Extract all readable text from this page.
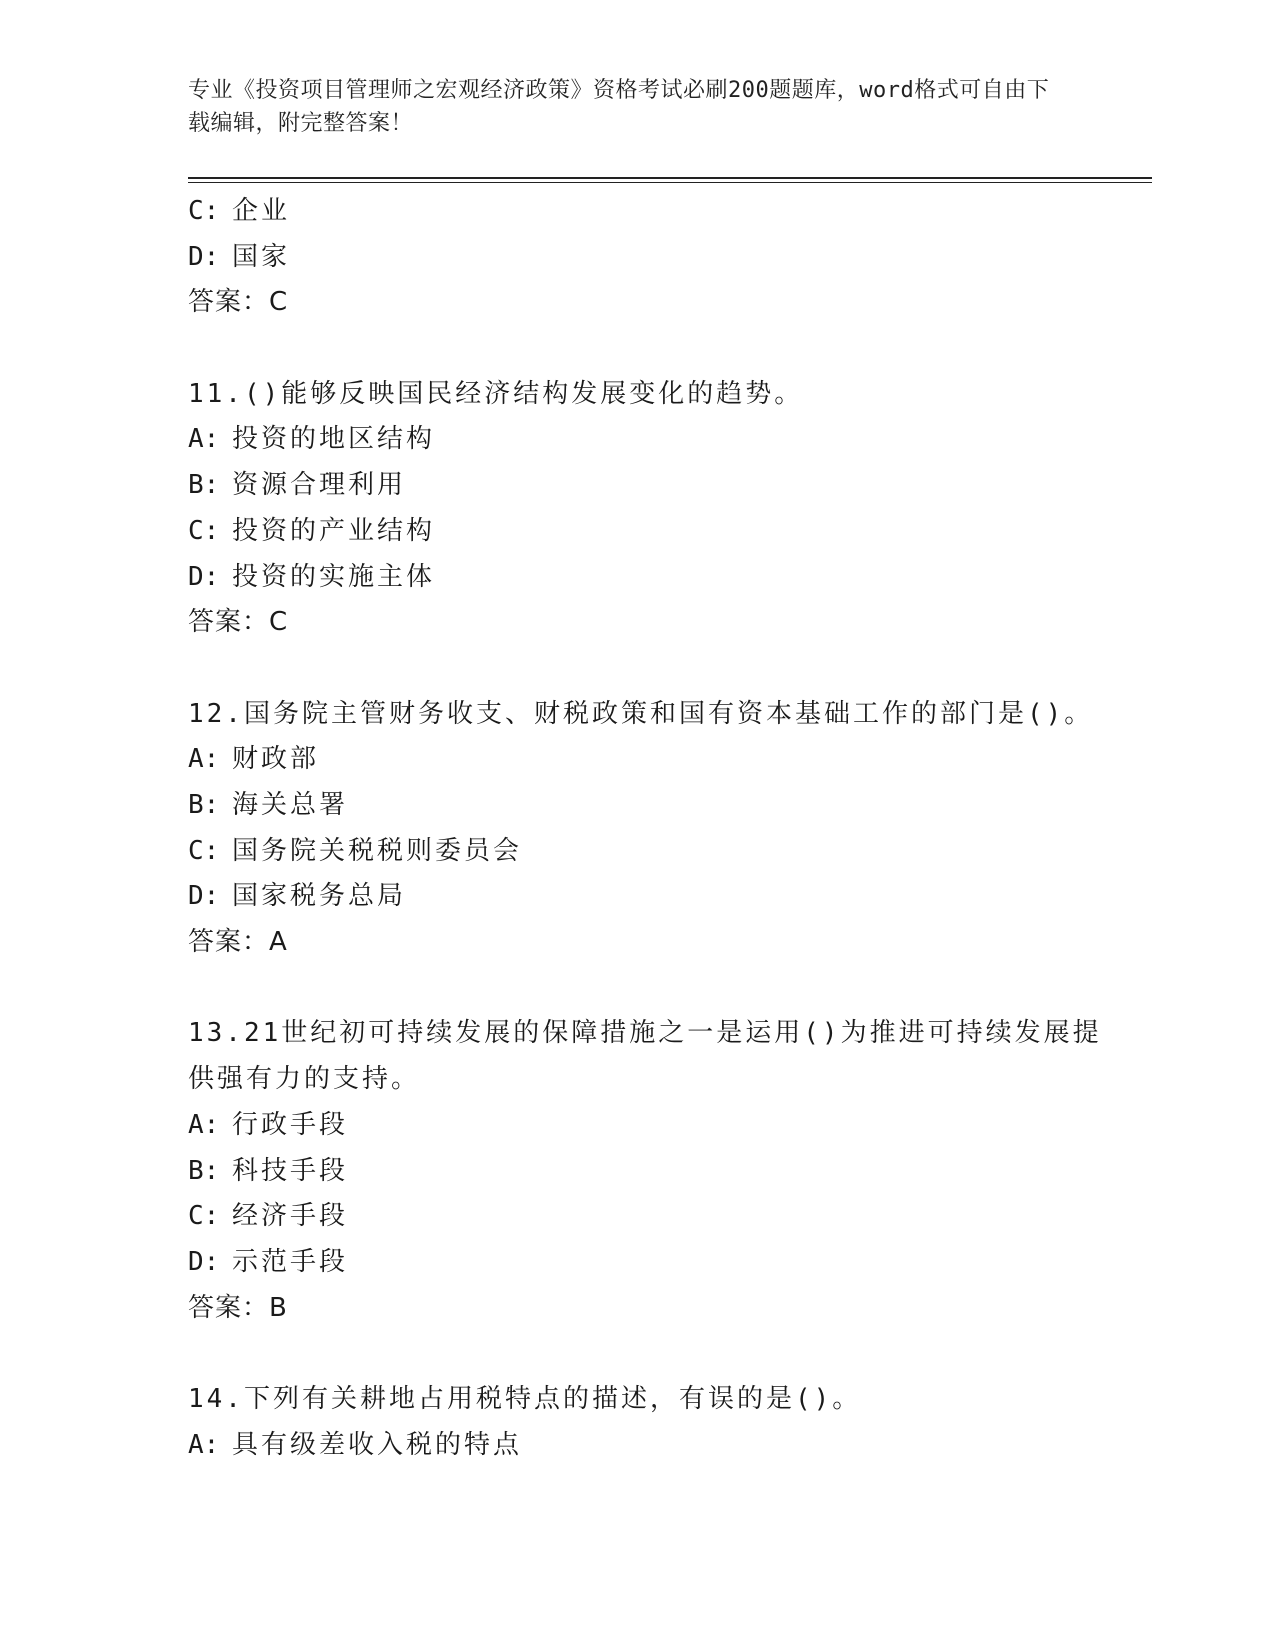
专业《投资项目管理师之宏观经济政策》资格考试必刷200题题库，word格式可自由下载编辑，附完整答案！
C: 企业
D: 国家
答案：C
11.()能够反映国民经济结构发展变化的趋势。
A: 投资的地区结构
B: 资源合理利用
C: 投资的产业结构
D: 投资的实施主体
答案：C
12.国务院主管财务收支、财税政策和国有资本基础工作的部门是()。
A: 财政部
B: 海关总署
C: 国务院关税税则委员会
D: 国家税务总局
答案：A
13.21世纪初可持续发展的保障措施之一是运用()为推进可持续发展提供强有力的支持。
A: 行政手段
B: 科技手段
C: 经济手段
D: 示范手段
答案：B
14.下列有关耕地占用税特点的描述，有误的是()。
A: 具有级差收入税的特点
